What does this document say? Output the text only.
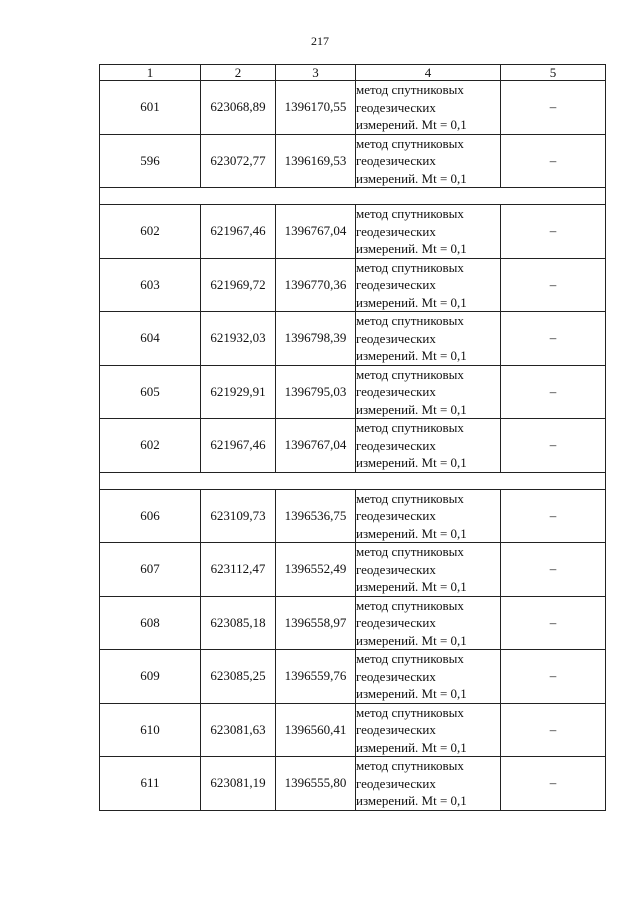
217
1	2	3	4	5
601	623068,89	1396170,55	метод спутниковых
геодезических
измерений. Mt = 0,1	–
596	623072,77	1396169,53	метод спутниковых
геодезических
измерений. Mt = 0,1	–

602	621967,46	1396767,04	метод спутниковых
геодезических
измерений. Mt = 0,1	–
603	621969,72	1396770,36	метод спутниковых
геодезических
измерений. Mt = 0,1	–
604	621932,03	1396798,39	метод спутниковых
геодезических
измерений. Mt = 0,1	–
605	621929,91	1396795,03	метод спутниковых
геодезических
измерений. Mt = 0,1	–
602	621967,46	1396767,04	метод спутниковых
геодезических
измерений. Mt = 0,1	–

606	623109,73	1396536,75	метод спутниковых
геодезических
измерений. Mt = 0,1	–
607	623112,47	1396552,49	метод спутниковых
геодезических
измерений. Mt = 0,1	–
608	623085,18	1396558,97	метод спутниковых
геодезических
измерений. Mt = 0,1	–
609	623085,25	1396559,76	метод спутниковых
геодезических
измерений. Mt = 0,1	–
610	623081,63	1396560,41	метод спутниковых
геодезических
измерений. Mt = 0,1	–
611	623081,19	1396555,80	метод спутниковых
геодезических
измерений. Mt = 0,1	–
